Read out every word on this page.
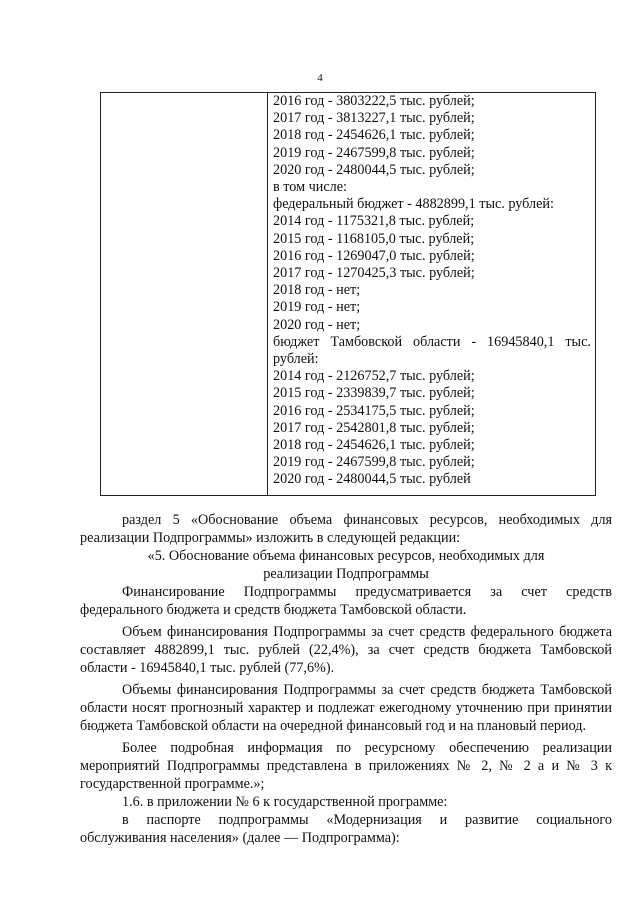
4
2016 год - 3803222,5 тыс. рублей;
2017 год - 3813227,1 тыс. рублей;
2018 год - 2454626,1 тыс. рублей;
2019 год - 2467599,8 тыс. рублей;
2020 год - 2480044,5 тыс. рублей;
в том числе:
федеральный бюджет - 4882899,1 тыс. рублей:
2014 год - 1175321,8 тыс. рублей;
2015 год - 1168105,0 тыс. рублей;
2016 год - 1269047,0 тыс. рублей;
2017 год - 1270425,3 тыс. рублей;
2018 год - нет;
2019 год - нет;
2020 год - нет;
бюджет Тамбовской области - 16945840,1 тыс.
рублей:
2014 год - 2126752,7 тыс. рублей;
2015 год - 2339839,7 тыс. рублей;
2016 год - 2534175,5 тыс. рублей;
2017 год - 2542801,8 тыс. рублей;
2018 год - 2454626,1 тыс. рублей;
2019 год - 2467599,8 тыс. рублей;
2020 год - 2480044,5 тыс. рублей

раздел 5 «Обоснование объема финансовых ресурсов, необходимых для реализации Подпрограммы» изложить в следующей редакции:

«5. Обоснование объема финансовых ресурсов, необходимых для

реализации Подпрограммы

Финансирование Подпрограммы предусматривается за счет средств федерального бюджета и средств бюджета Тамбовской области.

Объем финансирования Подпрограммы за счет средств федерального бюджета составляет 4882899,1 тыс. рублей (22,4%), за счет средств бюджета Тамбовской области - 16945840,1 тыс. рублей (77,6%).

Объемы финансирования Подпрограммы за счет средств бюджета Тамбовской области носят прогнозный характер и подлежат ежегодному уточнению при принятии бюджета Тамбовской области на очередной финансовый год и на плановый период.

Более подробная информация по ресурсному обеспечению реализации мероприятий Подпрограммы представлена в приложениях № 2, № 2 а и № 3 к государственной программе.»;

1.6. в приложении № 6 к государственной программе:

в паспорте подпрограммы «Модернизация и развитие социального обслуживания населения» (далее — Подпрограмма):
